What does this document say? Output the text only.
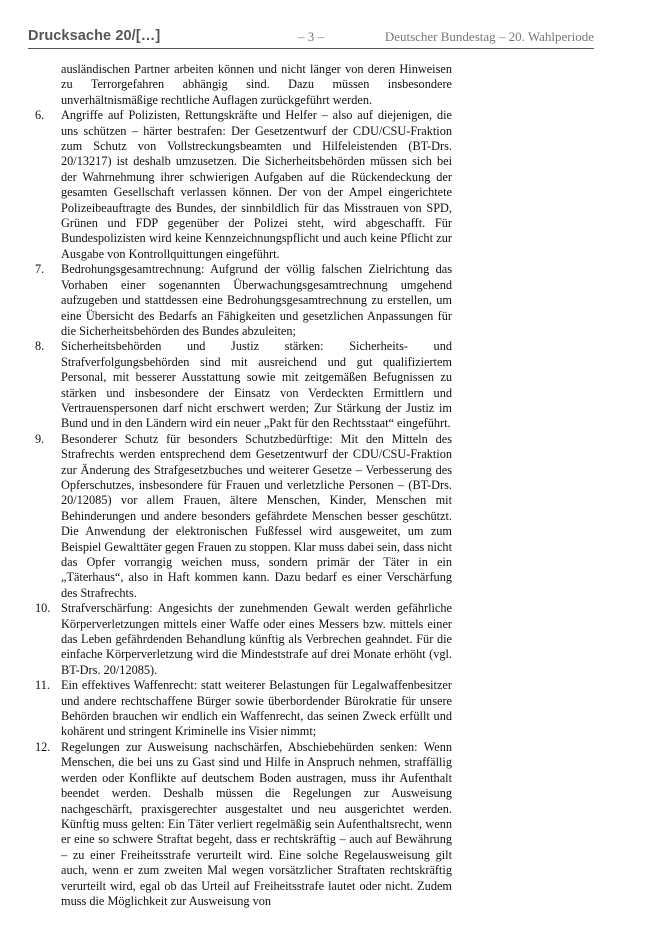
Drucksache 20/[…]	– 3 –	Deutscher Bundestag – 20. Wahlperiode
ausländischen Partner arbeiten können und nicht länger von deren Hinweisen zu Terrorgefahren abhängig sind. Dazu müssen insbesondere unverhältnismäßige rechtliche Auflagen zurückgeführt werden.
6. Angriffe auf Polizisten, Rettungskräfte und Helfer – also auf diejenigen, die uns schützen – härter bestrafen: Der Gesetzentwurf der CDU/CSU-Fraktion zum Schutz von Vollstreckungsbeamten und Hilfeleistenden (BT-Drs. 20/13217) ist deshalb umzusetzen. Die Sicherheitsbehörden müssen sich bei der Wahrnehmung ihrer schwierigen Aufgaben auf die Rückendeckung der gesamten Gesellschaft verlassen können. Der von der Ampel eingerichtete Polizeibeauftragte des Bundes, der sinnbildlich für das Misstrauen von SPD, Grünen und FDP gegenüber der Polizei steht, wird abgeschafft. Für Bundespolizisten wird keine Kennzeichnungspflicht und auch keine Pflicht zur Ausgabe von Kontrollquittungen eingeführt.
7. Bedrohungsgesamtrechnung: Aufgrund der völlig falschen Zielrichtung das Vorhaben einer sogenannten Überwachungsgesamtrechnung umgehend aufzugeben und stattdessen eine Bedrohungsgesamtrechnung zu erstellen, um eine Übersicht des Bedarfs an Fähigkeiten und gesetzlichen Anpassungen für die Sicherheitsbehörden des Bundes abzuleiten;
8. Sicherheitsbehörden und Justiz stärken: Sicherheits- und Strafverfolgungsbehörden sind mit ausreichend und gut qualifiziertem Personal, mit besserer Ausstattung sowie mit zeitgemäßen Befugnissen zu stärken und insbesondere der Einsatz von Verdeckten Ermittlern und Vertrauenspersonen darf nicht erschwert werden; Zur Stärkung der Justiz im Bund und in den Ländern wird ein neuer „Pakt für den Rechtsstaat“ eingeführt.
9. Besonderer Schutz für besonders Schutzbedürftige: Mit den Mitteln des Strafrechts werden entsprechend dem Gesetzentwurf der CDU/CSU-Fraktion zur Änderung des Strafgesetzbuches und weiterer Gesetze – Verbesserung des Opferschutzes, insbesondere für Frauen und verletzliche Personen – (BT-Drs. 20/12085) vor allem Frauen, ältere Menschen, Kinder, Menschen mit Behinderungen und andere besonders gefährdete Menschen besser geschützt. Die Anwendung der elektronischen Fußfessel wird ausgeweitet, um zum Beispiel Gewalttäter gegen Frauen zu stoppen. Klar muss dabei sein, dass nicht das Opfer vorrangig weichen muss, sondern primär der Täter in ein „Täterhaus“, also in Haft kommen kann. Dazu bedarf es einer Verschärfung des Strafrechts.
10. Strafverschärfung: Angesichts der zunehmenden Gewalt werden gefährliche Körperverletzungen mittels einer Waffe oder eines Messers bzw. mittels einer das Leben gefährdenden Behandlung künftig als Verbrechen geahndet. Für die einfache Körperverletzung wird die Mindeststrafe auf drei Monate erhöht (vgl. BT-Drs. 20/12085).
11. Ein effektives Waffenrecht: statt weiterer Belastungen für Legalwaffenbesitzer und andere rechtschaffene Bürger sowie überbordender Bürokratie für unsere Behörden brauchen wir endlich ein Waffenrecht, das seinen Zweck erfüllt und kohärent und stringent Kriminelle ins Visier nimmt;
12. Regelungen zur Ausweisung nachschärfen, Abschiebehürden senken: Wenn Menschen, die bei uns zu Gast sind und Hilfe in Anspruch nehmen, straffällig werden oder Konflikte auf deutschem Boden austragen, muss ihr Aufenthalt beendet werden. Deshalb müssen die Regelungen zur Ausweisung nachgeschärft, praxisgerechter ausgestaltet und neu ausgerichtet werden. Künftig muss gelten: Ein Täter verliert regelmäßig sein Aufenthaltsrecht, wenn er eine so schwere Straftat begeht, dass er rechtskräftig – auch auf Bewährung – zu einer Freiheitsstrafe verurteilt wird. Eine solche Regelausweisung gilt auch, wenn er zum zweiten Mal wegen vorsätzlicher Straftaten rechtskräftig verurteilt wird, egal ob das Urteil auf Freiheitsstrafe lautet oder nicht. Zudem muss die Möglichkeit zur Ausweisung von
